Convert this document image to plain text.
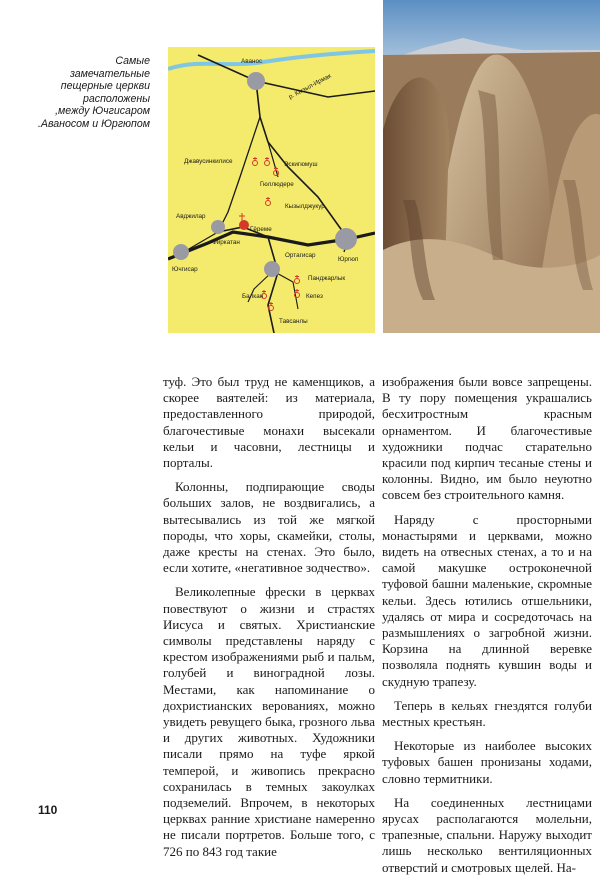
Самые
замечательные
пещерные церкви
расположены
между Ючгисаром,
Аваносом и Юргюпом.
Аванос
р. Кызыл-Ирмак
Джавусинкилисе	Эскигюмуш
Гюллюдере
Кызылджукур
Авджилар
Гёреме
Фиркатан
Ючгисар
Ортагисар
Юргюп
Панджарлык
Балкан	Кепез
Тавсанлы

туф. Это был труд не каменщиков, а скорее ваятелей: из материала, предоставленного природой, благочестивые монахи высекали кельи и часовни, лестницы и порталы.

Колонны, подпирающие своды больших залов, не воздвигались, а вытесывались из той же мягкой породы, что хоры, скамейки, столы, даже кресты на стенах. Это было, если хотите, «негативное зодчество».

Великолепные фрески в церквах повествуют о жизни и страстях Иисуса и святых. Христианские символы представлены наряду с крестом изображениями рыб и пальм, голубей и виноградной лозы. Местами, как напоминание о дохристианских верованиях, можно увидеть ревущего быка, грозного льва и других животных. Художники писали прямо на туфе яркой темперой, и живопись прекрасно сохранилась в темных закоулках подземелий. Впрочем, в некоторых церквах ранние христиане намеренно не писали портретов. Больше того, с 726 по 843 год такие

изображения были вовсе запрещены. В ту пору помещения украшались бесхитростным красным орнаментом. И благочестивые художники подчас старательно красили под кирпич тесаные стены и колонны. Видно, им было неуютно совсем без строительного камня.

Наряду с просторными монастырями и церквами, можно видеть на отвесных стенах, а то и на самой макушке остроконечной туфовой башни маленькие, скромные кельи. Здесь ютились отшельники, удалясь от мира и сосредоточась на размышлениях о загробной жизни. Корзина на длинной веревке позволяла поднять кувшин воды и скудную трапезу.

Теперь в кельях гнездятся голуби местных крестьян.

Некоторые из наиболее высоких туфовых башен пронизаны ходами, словно термитники.

На соединенных лестницами ярусах располагаются молельни, трапезные, спальни. Наружу выходит лишь несколько вентиляционных отверстий и смотровых щелей. На-

110
